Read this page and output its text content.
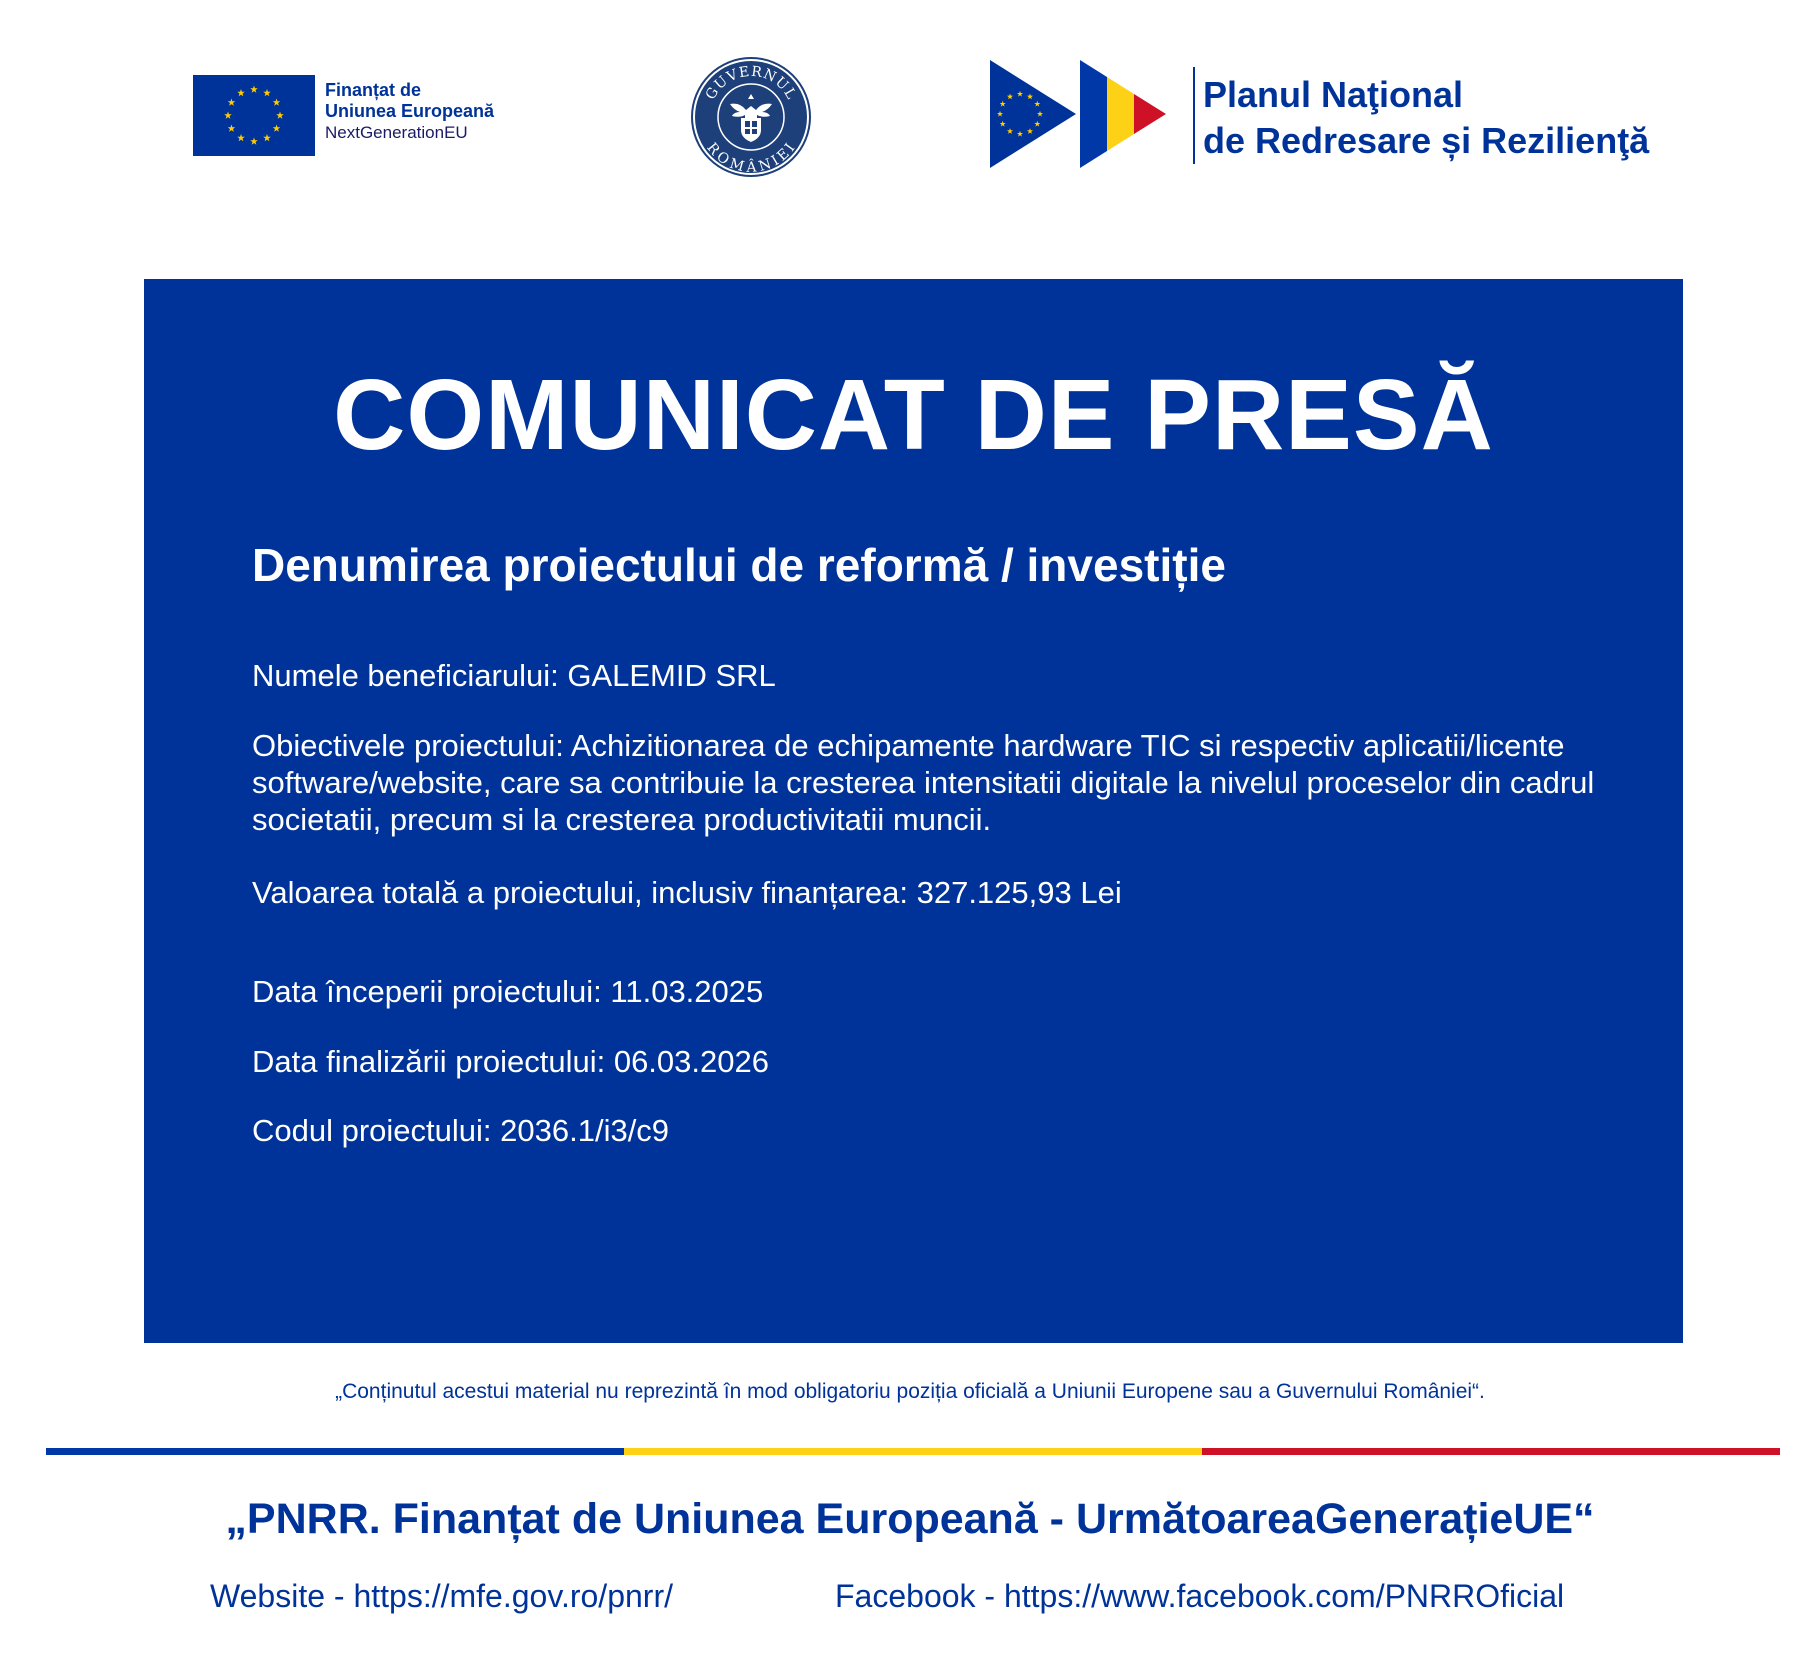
Finanțat de
Uniunea Europeană
NextGenerationEU
GUVERNUL
ROMÂNIEI
Planul Naţional
de Redresare și Rezilienţă
COMUNICAT DE PRESĂ
Denumirea proiectului de reformă / investiție
Numele beneficiarului: GALEMID SRL
Obiectivele proiectului: Achizitionarea de echipamente hardware TIC si respectiv aplicatii/licente software/website, care sa contribuie la cresterea intensitatii digitale la nivelul proceselor din cadrul societatii, precum si la cresterea productivitatii muncii.
Valoarea totală a proiectului, inclusiv finanțarea: 327.125,93 Lei
Data începerii proiectului: 11.03.2025
Data finalizării proiectului: 06.03.2026
Codul proiectului: 2036.1/i3/c9
„Conținutul acestui material nu reprezintă în mod obligatoriu poziția oficială a Uniunii Europene sau a Guvernului României“.
„PNRR. Finanțat de Uniunea Europeană - UrmătoareaGenerațieUE“
Website - https://mfe.gov.ro/pnrr/	Facebook - https://www.facebook.com/PNRROficial
